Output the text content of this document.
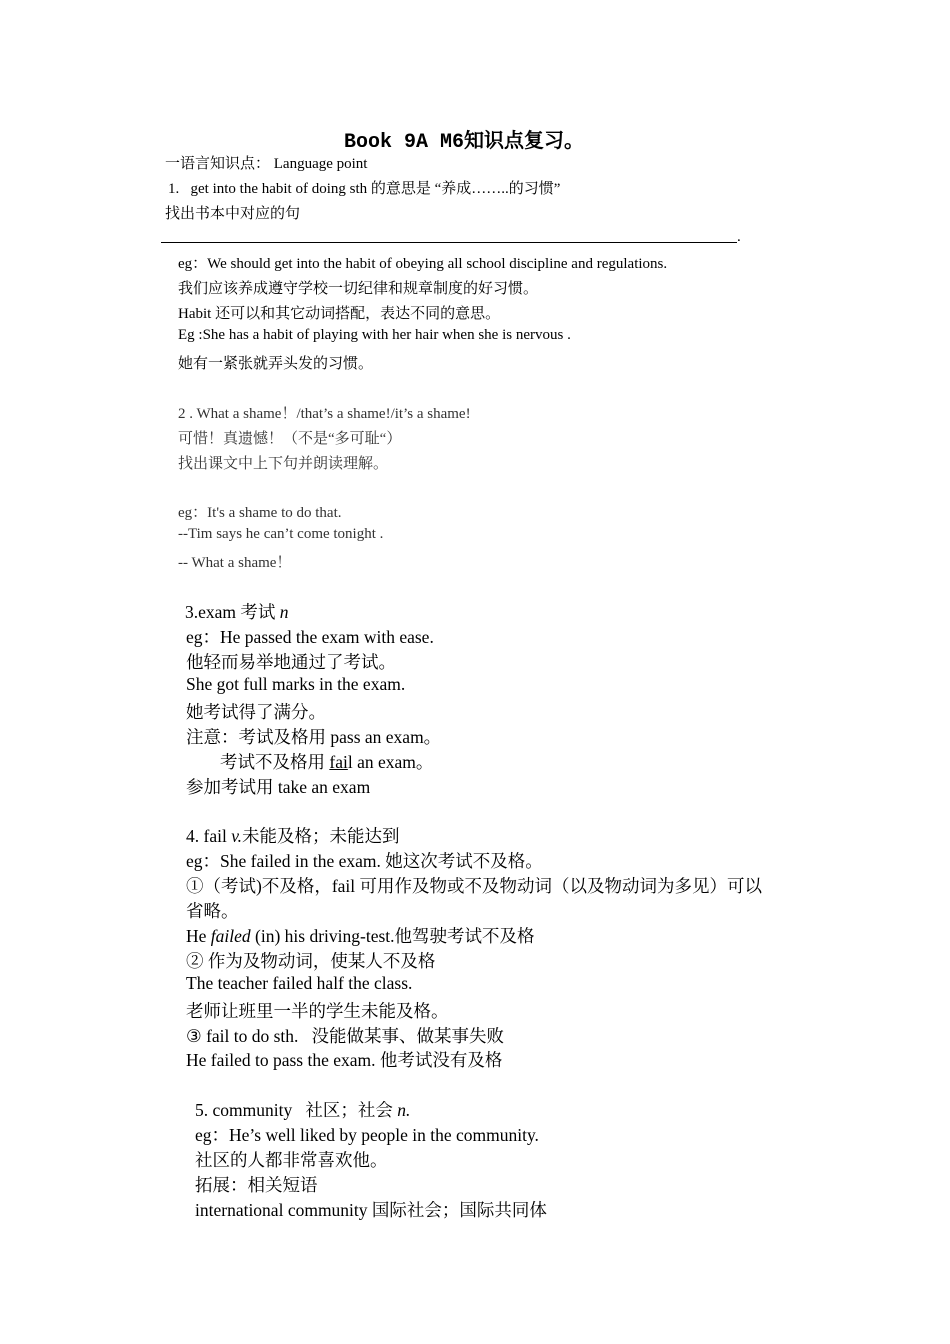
Book 9A M6知识点复习。
一语言知识点： Language point
1.   get into the habit of doing sth 的意思是 “养成……..的习惯”
找出书本中对应的句
.
eg：We should get into the habit of obeying all school discipline and regulations.
我们应该养成遵守学校一切纪律和规章制度的好习惯。
Habit 还可以和其它动词搭配，表达不同的意思。
Eg :She has a habit of playing with her hair when she is nervous .
她有一紧张就弄头发的习惯。
2 . What a shame！/that’s a shame!/it’s a shame!
可惜！真遗憾！（不是“多可耻“）
找出课文中上下句并朗读理解。
eg：It's a shame to do that.
--Tim says he can’t come tonight .
-- What a shame！
3.exam 考试 n
eg：He passed the exam with ease.
他轻而易举地通过了考试。
She got full marks in the exam.
她考试得了满分。
注意：考试及格用 pass an exam。
考试不及格用 fail an exam。
参加考试用 take an exam
4. fail v.未能及格；未能达到
eg：She failed in the exam. 她这次考试不及格。
①（考试)不及格，fail 可用作及物或不及物动词（以及物动词为多见）可以
省略。
He failed (in) his driving-test.他驾驶考试不及格
② 作为及物动词，使某人不及格
The teacher failed half the class.
老师让班里一半的学生未能及格。
③ fail to do sth.   没能做某事、做某事失败
He failed to pass the exam. 他考试没有及格
5. community   社区；社会 n.
eg：He’s well liked by people in the community.
社区的人都非常喜欢他。
拓展：相关短语
international community 国际社会；国际共同体
